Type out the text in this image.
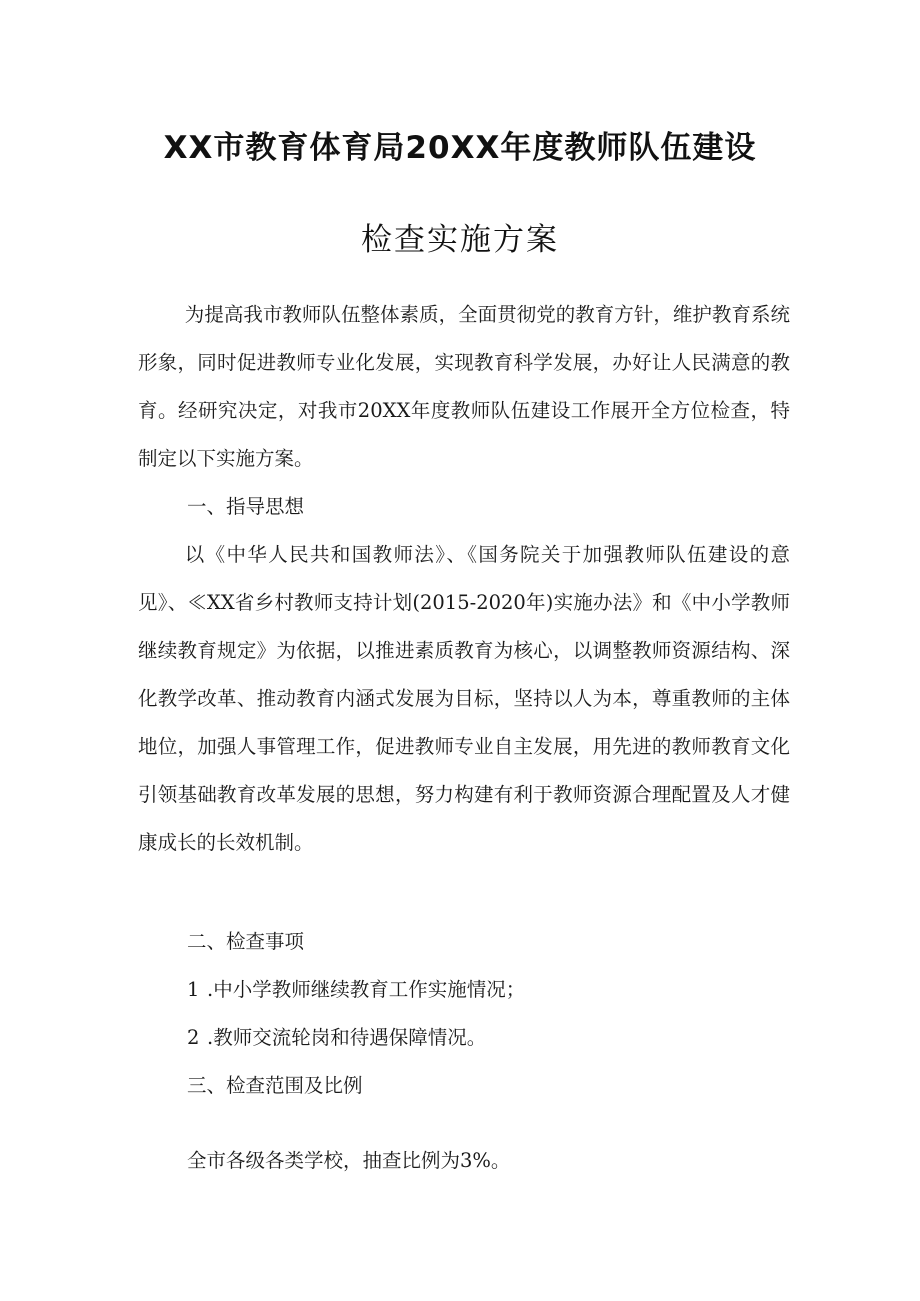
XX市教育体育局20XX年度教师队伍建设
检查实施方案

为提高我市教师队伍整体素质，全面贯彻党的教育方针，维护教育系统形象，同时促进教师专业化发展，实现教育科学发展，办好让人民满意的教育。经研究决定，对我市20XX年度教师队伍建设工作展开全方位检查，特制定以下实施方案。

一、指导思想

以《中华人民共和国教师法》、《国务院关于加强教师队伍建设的意见》、≪XX省乡村教师支持计划(2015-2020年)实施办法》和《中小学教师继续教育规定》为依据，以推进素质教育为核心，以调整教师资源结构、深化教学改革、推动教育内涵式发展为目标，坚持以人为本，尊重教师的主体地位，加强人事管理工作，促进教师专业自主发展，用先进的教师教育文化引领基础教育改革发展的思想，努力构建有利于教师资源合理配置及人才健康成长的长效机制。

二、检查事项

1 .中小学教师继续教育工作实施情况；

2 .教师交流轮岗和待遇保障情况。

三、检查范围及比例

全市各级各类学校，抽查比例为3%。
